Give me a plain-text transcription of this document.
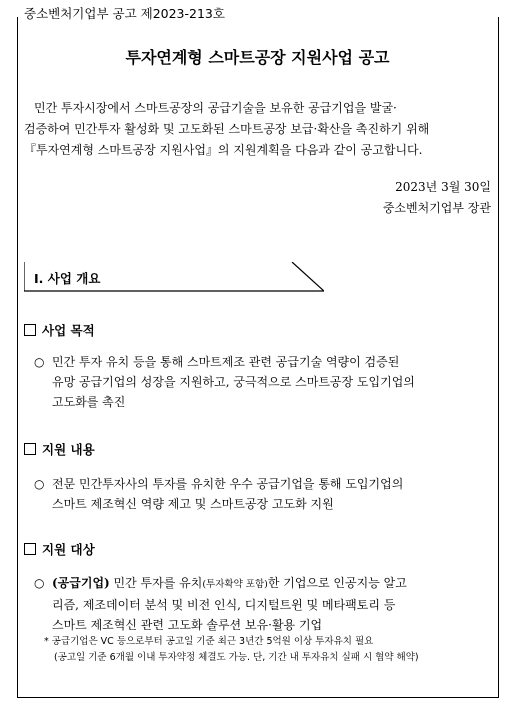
중소벤처기업부 공고 제2023-213호
투자연계형 스마트공장 지원사업 공고
민간 투자시장에서 스마트공장의 공급기술을 보유한 공급기업을 발굴·
검증하여 민간투자 활성화 및 고도화된 스마트공장 보급·확산을 촉진하기 위해
『투자연계형 스마트공장 지원사업』의 지원계획을 다음과 같이 공고합니다.
2023년 3월 30일
중소벤처기업부 장관
Ⅰ. 사업 개요
사업 목적
○ 민간 투자 유치 등을 통해 스마트제조 관련 공급기술 역량이 검증된
유망 공급기업의 성장을 지원하고, 궁극적으로 스마트공장 도입기업의
고도화를 촉진
지원 내용
○ 전문 민간투자사의 투자를 유치한 우수 공급기업을 통해 도입기업의
스마트 제조혁신 역량 제고 및 스마트공장 고도화 지원
지원 대상
○ (공급기업) 민간 투자를 유치(투자확약 포함)한 기업으로 인공지능 알고
리즘, 제조데이터 분석 및 비전 인식, 디지털트윈 및 메타팩토리 등
스마트 제조혁신 관련 고도화 솔루션 보유·활용 기업
* 공급기업은 VC 등으로부터 공고일 기준 최근 3년간 5억원 이상 투자유치 필요
(공고일 기준 6개월 이내 투자약정 체결도 가능. 단, 기간 내 투자유치 실패 시 협약 해약)
